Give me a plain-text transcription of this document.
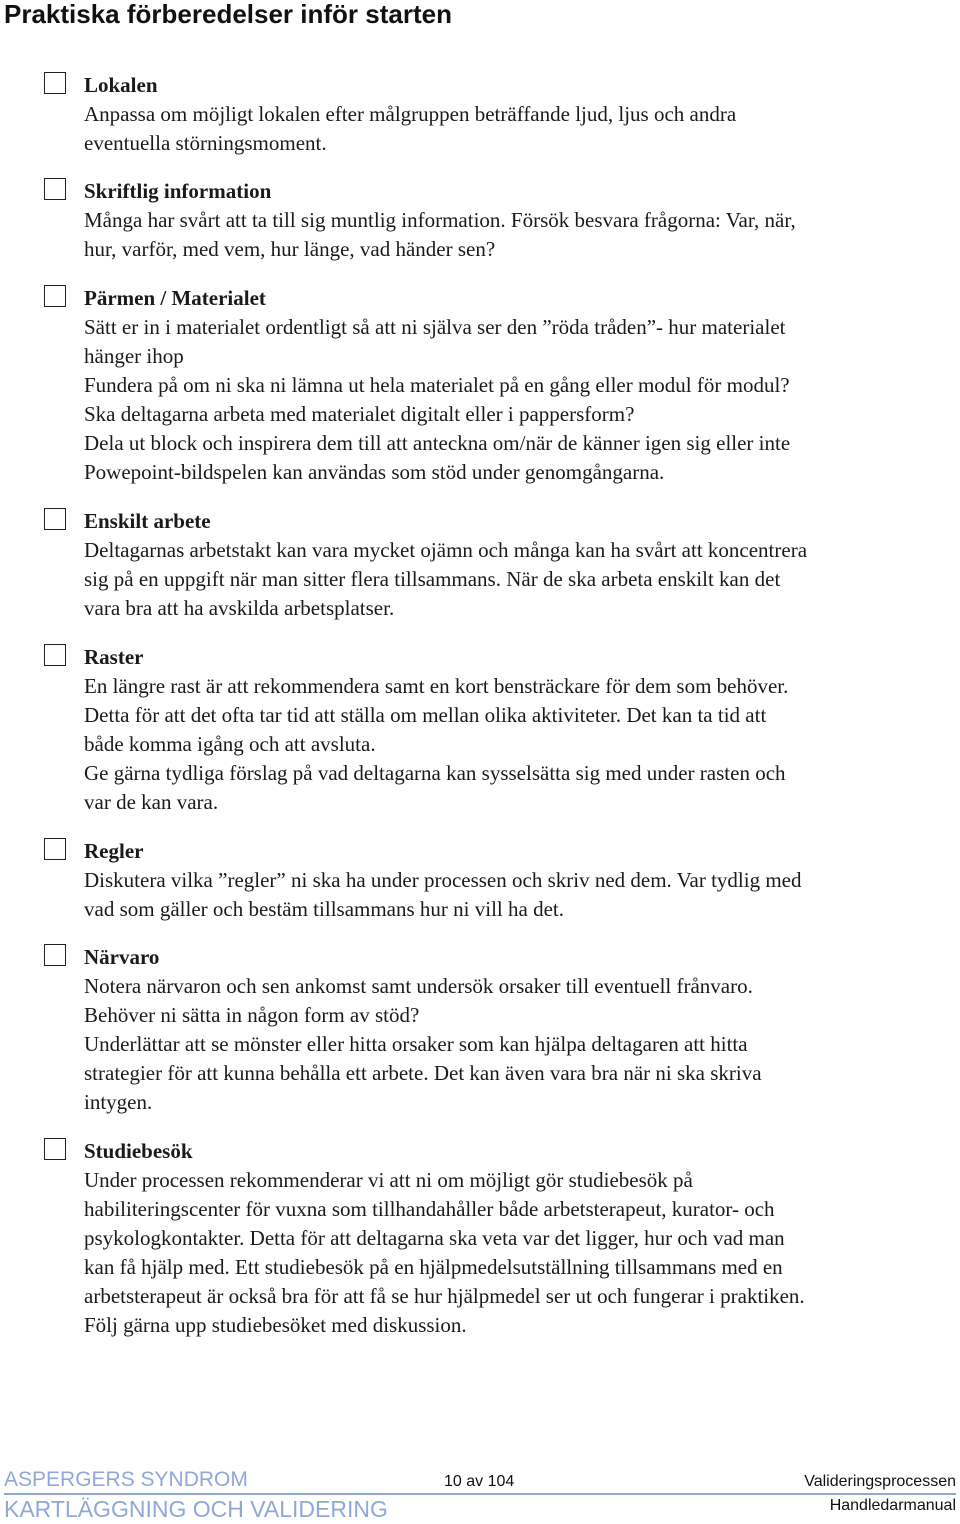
Praktiska förberedelser inför starten
Lokalen
Anpassa om möjligt lokalen efter målgruppen beträffande ljud, ljus och andra
eventuella störningsmoment.
Skriftlig information
Många har svårt att ta till sig muntlig information. Försök besvara frågorna: Var, när,
hur, varför, med vem, hur länge, vad händer sen?
Pärmen / Materialet
Sätt er in i materialet ordentligt så att ni själva ser den ”röda tråden”- hur materialet
hänger ihop
Fundera på om ni ska ni lämna ut hela materialet på en gång eller modul för modul?
Ska deltagarna arbeta med materialet digitalt eller i pappersform?
Dela ut block och inspirera dem till att anteckna om/när de känner igen sig eller inte
Powepoint-bildspelen kan användas som stöd under genomgångarna.
Enskilt arbete
Deltagarnas arbetstakt kan vara mycket ojämn och många kan ha svårt att koncentrera
sig på en uppgift när man sitter flera tillsammans. När de ska arbeta enskilt kan det
vara bra att ha avskilda arbetsplatser.
Raster
En längre rast är att rekommendera samt en kort bensträckare för dem som behöver.
Detta för att det ofta tar tid att ställa om mellan olika aktiviteter. Det kan ta tid att
både komma igång och att avsluta.
Ge gärna tydliga förslag på vad deltagarna kan sysselsätta sig med under rasten och
var de kan vara.
Regler
Diskutera vilka ”regler” ni ska ha under processen och skriv ned dem. Var tydlig med
vad som gäller och bestäm tillsammans hur ni vill ha det.
Närvaro
Notera närvaron och sen ankomst samt undersök orsaker till eventuell frånvaro.
Behöver ni sätta in någon form av stöd?
Underlättar att se mönster eller hitta orsaker som kan hjälpa deltagaren att hitta
strategier för att kunna behålla ett arbete. Det kan även vara bra när ni ska skriva
intygen.
Studiebesök
Under processen rekommenderar vi att ni om möjligt gör studiebesök på
habiliteringscenter för vuxna som tillhandahåller både arbetsterapeut, kurator- och
psykologkontakter. Detta för att deltagarna ska veta var det ligger, hur och vad man
kan få hjälp med. Ett studiebesök på en hjälpmedelsutställning tillsammans med en
arbetsterapeut är också bra för att få se hur hjälpmedel ser ut och fungerar i praktiken.
Följ gärna upp studiebesöket med diskussion.
ASPERGERS SYNDROM
KARTLÄGGNING OCH VALIDERING
10 av 104	Valideringsprocessen
Handledarmanual
